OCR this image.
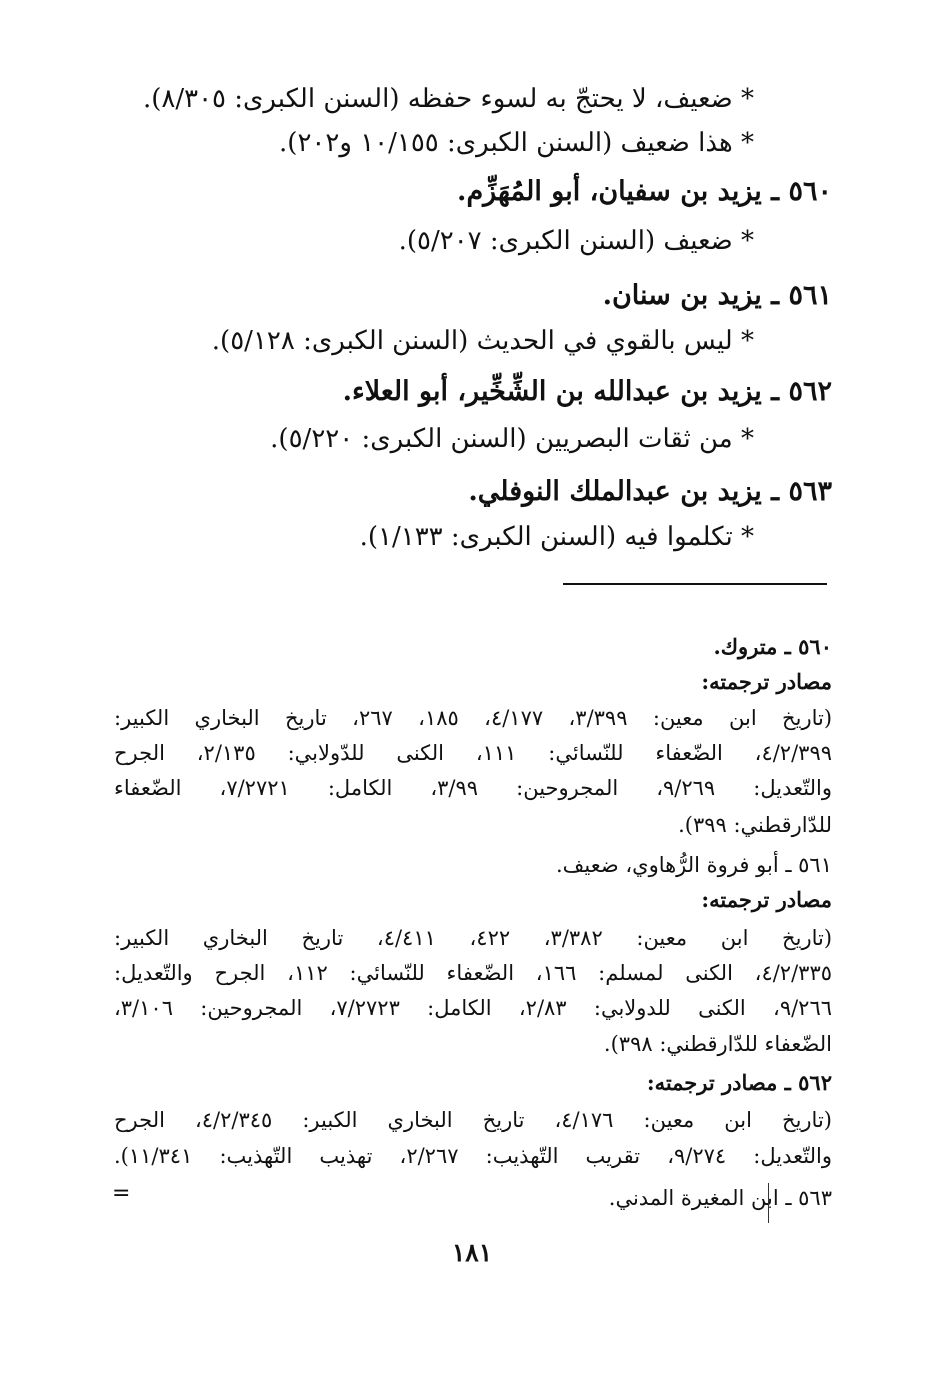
* ضعيف، لا يحتجّ به لسوء حفظه (السنن الكبرى: ٨/٣٠٥).
* هذا ضعيف (السنن الكبرى: ١٠/١٥٥ و٢٠٢).
٥٦٠ ـ يزيد بن سفيان، أبو المُهَزِّم.
* ضعيف (السنن الكبرى: ٥/٢٠٧).
٥٦١ ـ يزيد بن سنان.
* ليس بالقوي في الحديث (السنن الكبرى: ٥/١٢٨).
٥٦٢ ـ يزيد بن عبدالله بن الشِّخِّير، أبو العلاء.
* من ثقات البصريين (السنن الكبرى: ٥/٢٢٠).
٥٦٣ ـ يزيد بن عبدالملك النوفلي.
* تكلموا فيه (السنن الكبرى: ١/١٣٣).
٥٦٠ ـ متروك.
مصادر ترجمته:
(تاريخ ابن معين: ٣/٣٩٩، ٤/١٧٧، ١٨٥، ٢٦٧، تاريخ البخاري الكبير:
٤/٢/٣٩٩، الضّعفاء للنّسائي: ١١١، الكنى للدّولابي: ٢/١٣٥، الجرح
والتّعديل: ٩/٢٦٩، المجروحين: ٣/٩٩، الكامل: ٧/٢٧٢١، الضّعفاء
للدّارقطني: ٣٩٩).
٥٦١ ـ أبو فروة الرُّهاوي، ضعيف.
مصادر ترجمته:
(تاريخ ابن معين: ٣/٣٨٢، ٤٢٢، ٤/٤١١، تاريخ البخاري الكبير:
٤/٢/٣٣٥، الكنى لمسلم: ١٦٦، الضّعفاء للنّسائي: ١١٢، الجرح والتّعديل:
٩/٢٦٦، الكنى للدولابي: ٢/٨٣، الكامل: ٧/٢٧٢٣، المجروحين: ٣/١٠٦،
الضّعفاء للدّارقطني: ٣٩٨).
٥٦٢ ـ مصادر ترجمته:
(تاريخ ابن معين: ٤/١٧٦، تاريخ البخاري الكبير: ٤/٢/٣٤٥، الجرح
والتّعديل: ٩/٢٧٤، تقريب التّهذيب: ٢/٢٦٧، تهذيب التّهذيب: ١١/٣٤١).
٥٦٣ ـ ابن المغيرة المدني.
=
١٨١
